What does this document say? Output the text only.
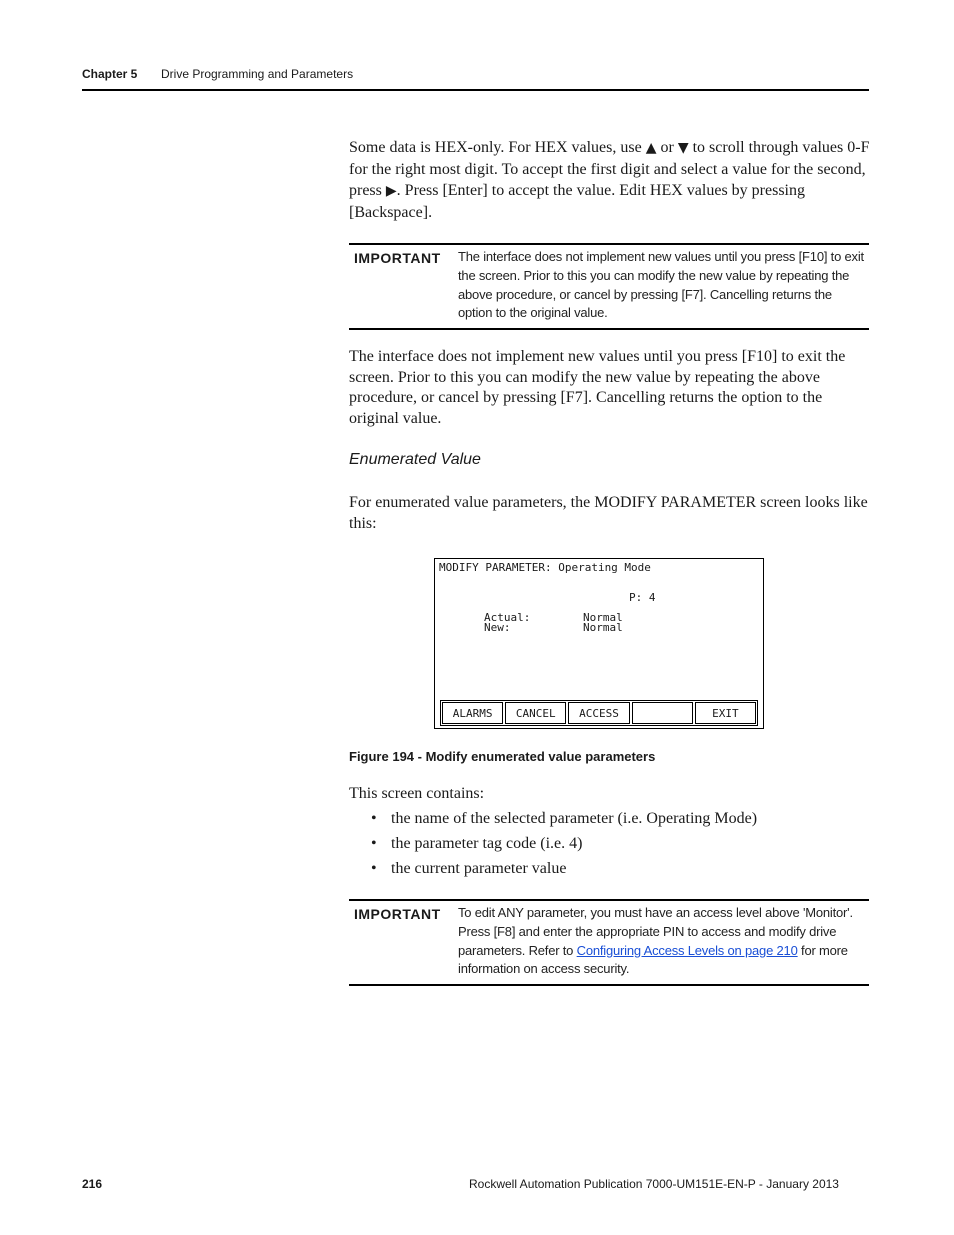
Chapter 5 Drive Programming and Parameters

Some data is HEX-only. For HEX values, use ▲ or ▼ to scroll through values 0-F for the right most digit. To accept the first digit and select a value for the second, press ▶. Press [Enter] to accept the value. Edit HEX values by pressing [Backspace].

IMPORTANT The interface does not implement new values until you press [F10] to exit the screen. Prior to this you can modify the new value by repeating the above procedure, or cancel by pressing [F7]. Cancelling returns the option to the original value.

The interface does not implement new values until you press [F10] to exit the screen. Prior to this you can modify the new value by repeating the above procedure, or cancel by pressing [F7]. Cancelling returns the option to the original value.

Enumerated Value

For enumerated value parameters, the MODIFY PARAMETER screen looks like this:

MODIFY PARAMETER: Operating Mode
P: 4
Actual:	Normal
New:	Normal
ALARMS	CANCEL	ACCESS	EXIT
Figure 194 - Modify enumerated value parameters

This screen contains:

• the name of the selected parameter (i.e. Operating Mode)
• the parameter tag code (i.e. 4)
• the current parameter value
IMPORTANT To edit ANY parameter, you must have an access level above 'Monitor'. Press [F8] and enter the appropriate PIN to access and modify drive parameters. Refer to Configuring Access Levels on page 210 for more information on access security.
216	Rockwell Automation Publication 7000-UM151E-EN-P - January 2013
